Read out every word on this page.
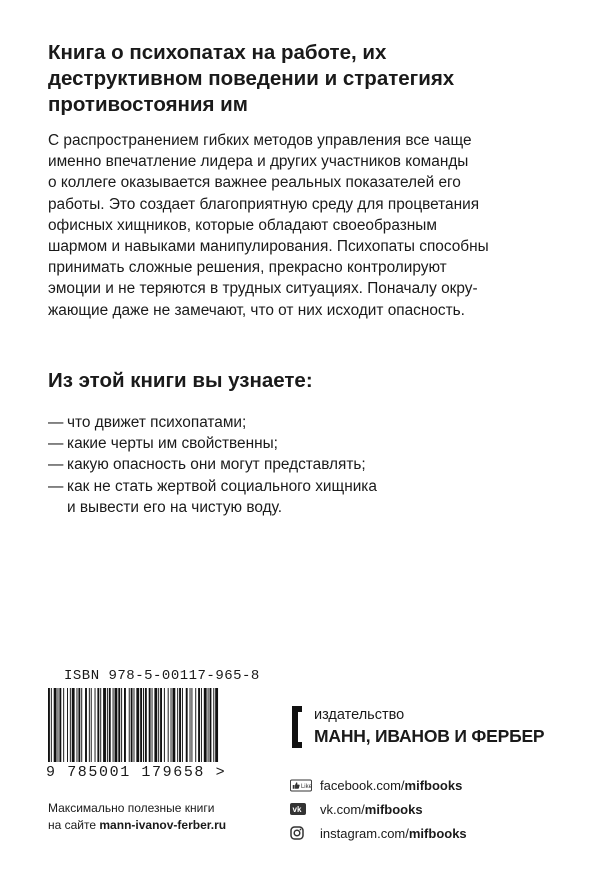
Книга о психопатах на работе, их
деструктивном поведении и стратегиях
противостояния им
С распространением гибких методов управления все чаще
именно впечатление лидера и других участников команды
о коллеге оказывается важнее реальных показателей его
работы. Это создает благоприятную среду для процветания
офисных хищников, которые обладают своеобразным
шармом и навыками манипулирования. Психопаты способны
принимать сложные решения, прекрасно контролируют
эмоции и не теряются в трудных ситуациях. Поначалу окру-
жающие даже не замечают, что от них исходит опасность.
Из этой книги вы узнаете:
— что движет психопатами;
— какие черты им свойственны;
— какую опасность они могут представлять;
— как не стать жертвой социального хищника
и вывести его на чистую воду.
ISBN 978-5-00117-965-8
9 785001 179658 >
Максимально полезные книги
на сайте mann-ivanov-ferber.ru
издательство
МАНН, ИВАНОВ И ФЕРБЕР
Like facebook.com/mifbooks
vk vk.com/mifbooks
instagram.com/mifbooks
